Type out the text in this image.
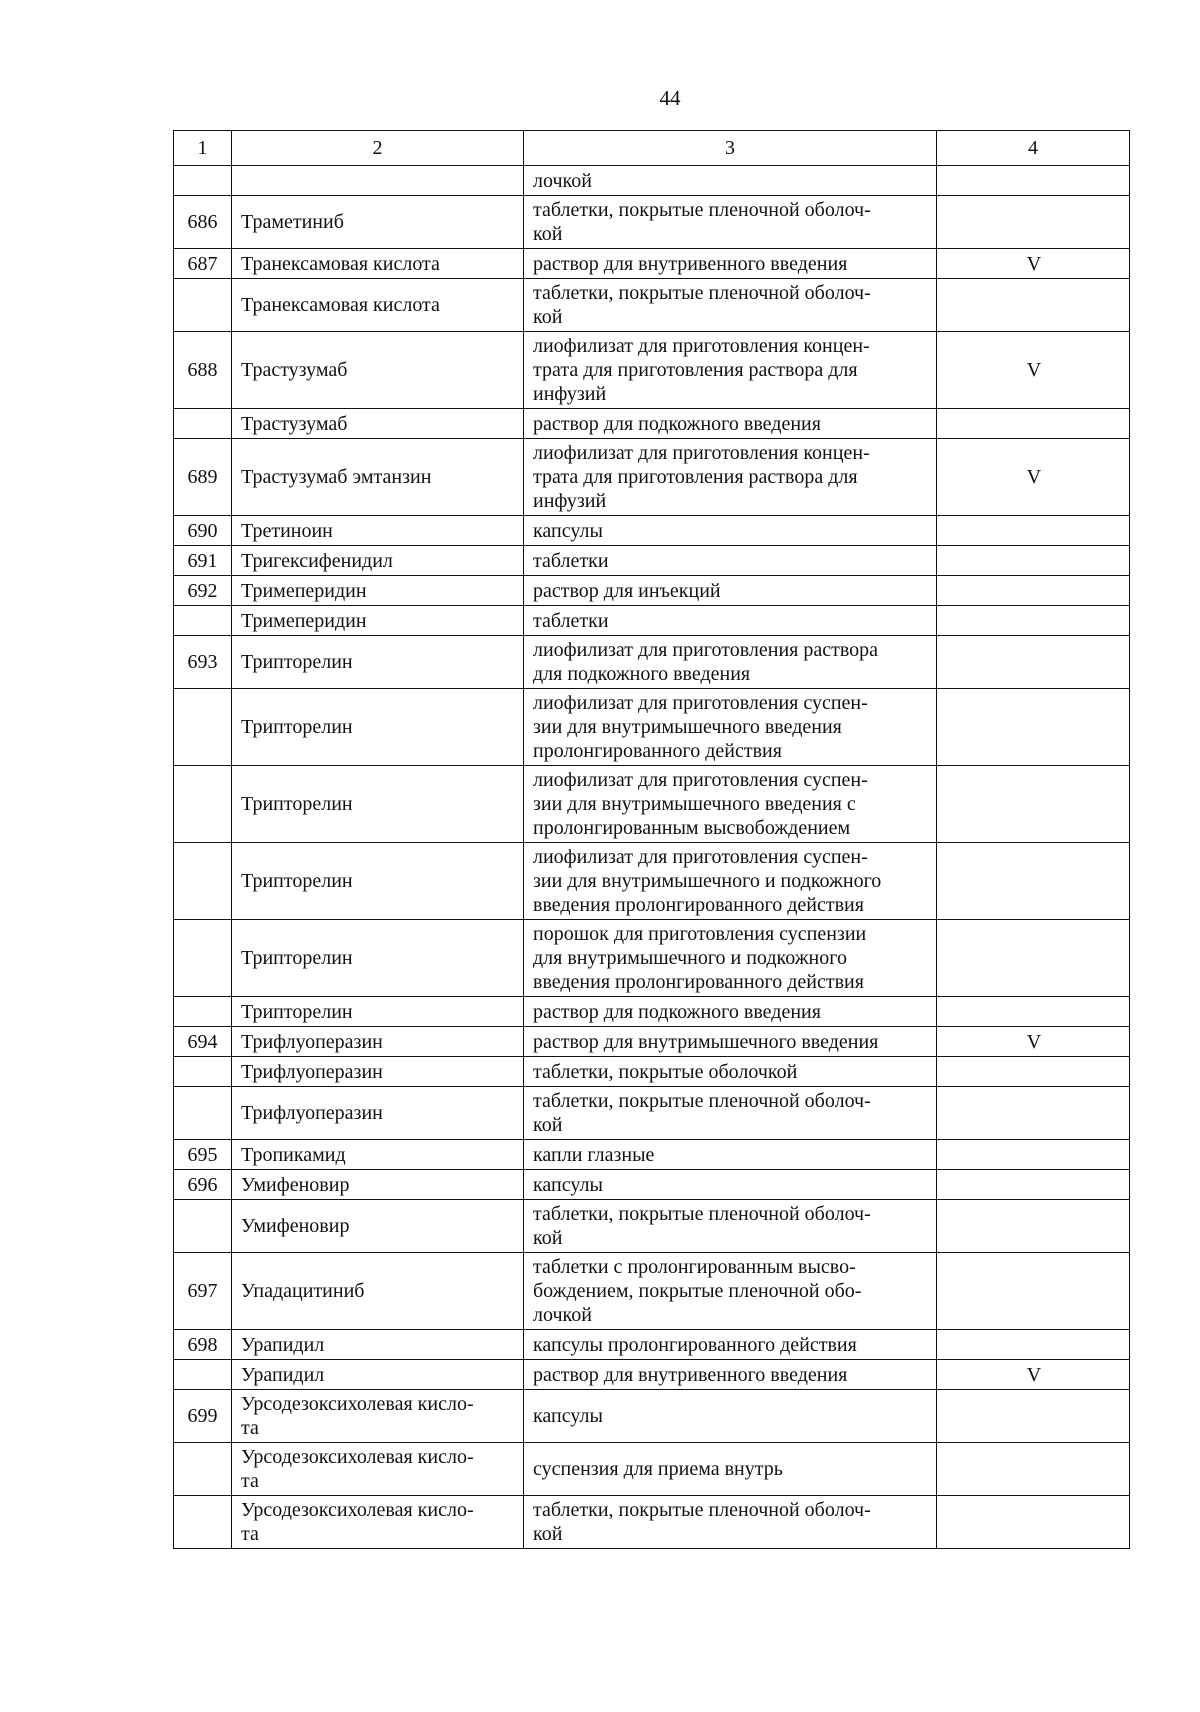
44
1	2	3	4
		лочкой	
686	Траметиниб	таблетки, покрытые пленочной оболоч-
кой	
687	Транексамовая кислота	раствор для внутривенного введения	V
	Транексамовая кислота	таблетки, покрытые пленочной оболоч-
кой	
688	Трастузумаб	лиофилизат для приготовления концен-
трата для приготовления раствора для
инфузий	V
	Трастузумаб	раствор для подкожного введения	
689	Трастузумаб эмтанзин	лиофилизат для приготовления концен-
трата для приготовления раствора для
инфузий	V
690	Третиноин	капсулы	
691	Тригексифенидил	таблетки	
692	Тримеперидин	раствор для инъекций	
	Тримеперидин	таблетки	
693	Трипторелин	лиофилизат для приготовления раствора
для подкожного введения	
	Трипторелин	лиофилизат для приготовления суспен-
зии для внутримышечного введения
пролонгированного действия	
	Трипторелин	лиофилизат для приготовления суспен-
зии для внутримышечного введения с
пролонгированным высвобождением	
	Трипторелин	лиофилизат для приготовления суспен-
зии для внутримышечного и подкожного
введения пролонгированного действия	
	Трипторелин	порошок для приготовления суспензии
для внутримышечного и подкожного
введения пролонгированного действия	
	Трипторелин	раствор для подкожного введения	
694	Трифлуоперазин	раствор для внутримышечного введения	V
	Трифлуоперазин	таблетки, покрытые оболочкой	
	Трифлуоперазин	таблетки, покрытые пленочной оболоч-
кой	
695	Тропикамид	капли глазные	
696	Умифеновир	капсулы	
	Умифеновир	таблетки, покрытые пленочной оболоч-
кой	
697	Упадацитиниб	таблетки с пролонгированным высво-
бождением, покрытые пленочной обо-
лочкой	
698	Урапидил	капсулы пролонгированного действия	
	Урапидил	раствор для внутривенного введения	V
699	Урсодезоксихолевая кисло-
та	капсулы	
	Урсодезоксихолевая кисло-
та	суспензия для приема внутрь	
	Урсодезоксихолевая кисло-
та	таблетки, покрытые пленочной оболоч-
кой	
